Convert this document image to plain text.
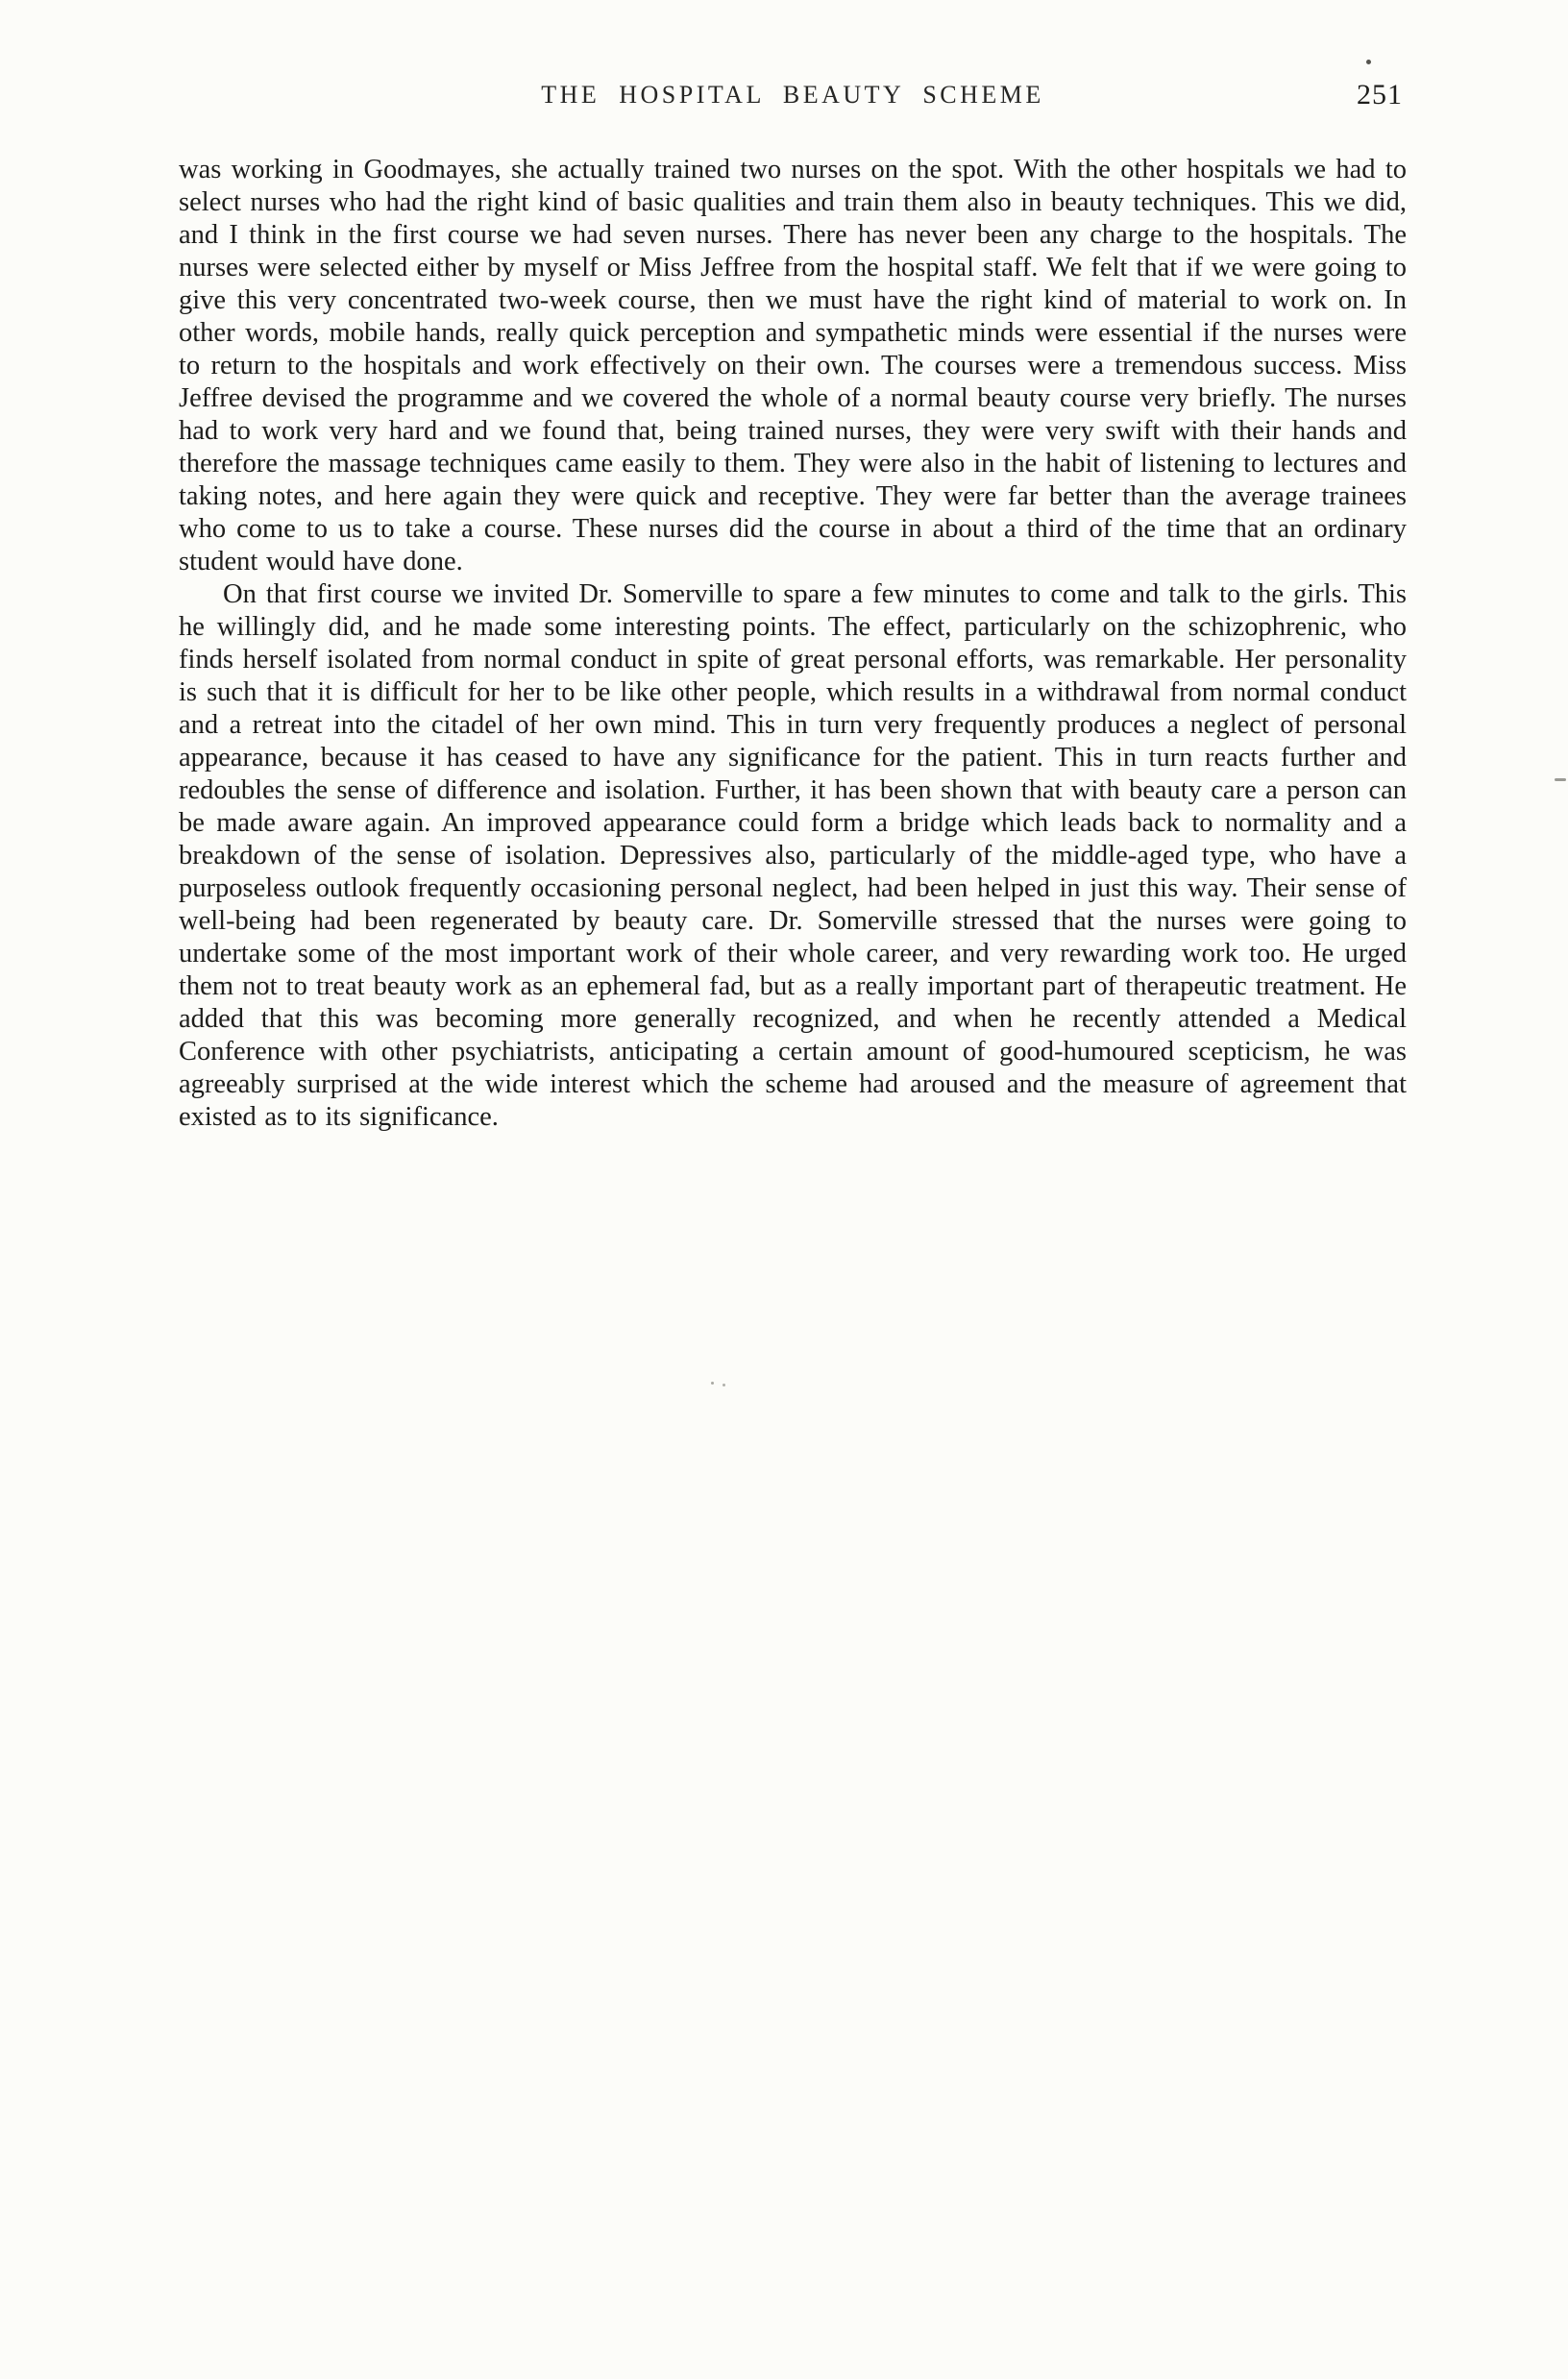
THE HOSPITAL BEAUTY SCHEME	251

was working in Goodmayes, she actually trained two nurses on the spot. With the other hospitals we had to select nurses who had the right kind of basic qualities and train them also in beauty techniques. This we did, and I think in the first course we had seven nurses. There has never been any charge to the hospitals. The nurses were selected either by myself or Miss Jeffree from the hospital staff. We felt that if we were going to give this very concentrated two-week course, then we must have the right kind of material to work on. In other words, mobile hands, really quick perception and sympathetic minds were essential if the nurses were to return to the hospitals and work effectively on their own. The courses were a tremendous success. Miss Jeffree devised the programme and we covered the whole of a normal beauty course very briefly. The nurses had to work very hard and we found that, being trained nurses, they were very swift with their hands and therefore the massage techniques came easily to them. They were also in the habit of listening to lectures and taking notes, and here again they were quick and receptive. They were far better than the average trainees who come to us to take a course. These nurses did the course in about a third of the time that an ordinary student would have done.

On that first course we invited Dr. Somerville to spare a few minutes to come and talk to the girls. This he willingly did, and he made some interesting points. The effect, particularly on the schizophrenic, who finds herself isolated from normal conduct in spite of great personal efforts, was remarkable. Her personality is such that it is difficult for her to be like other people, which results in a withdrawal from normal conduct and a retreat into the citadel of her own mind. This in turn very frequently produces a neglect of personal appearance, because it has ceased to have any significance for the patient. This in turn reacts further and redoubles the sense of difference and isolation. Further, it has been shown that with beauty care a person can be made aware again. An improved appearance could form a bridge which leads back to normality and a breakdown of the sense of isolation. Depressives also, particularly of the middle-aged type, who have a purposeless outlook frequently occasioning personal neglect, had been helped in just this way. Their sense of well-being had been regenerated by beauty care. Dr. Somerville stressed that the nurses were going to undertake some of the most important work of their whole career, and very rewarding work too. He urged them not to treat beauty work as an ephemeral fad, but as a really important part of therapeutic treatment. He added that this was becoming more generally recognized, and when he recently attended a Medical Conference with other psychiatrists, anticipating a certain amount of good-humoured scepticism, he was agreeably surprised at the wide interest which the scheme had aroused and the measure of agreement that existed as to its significance.
